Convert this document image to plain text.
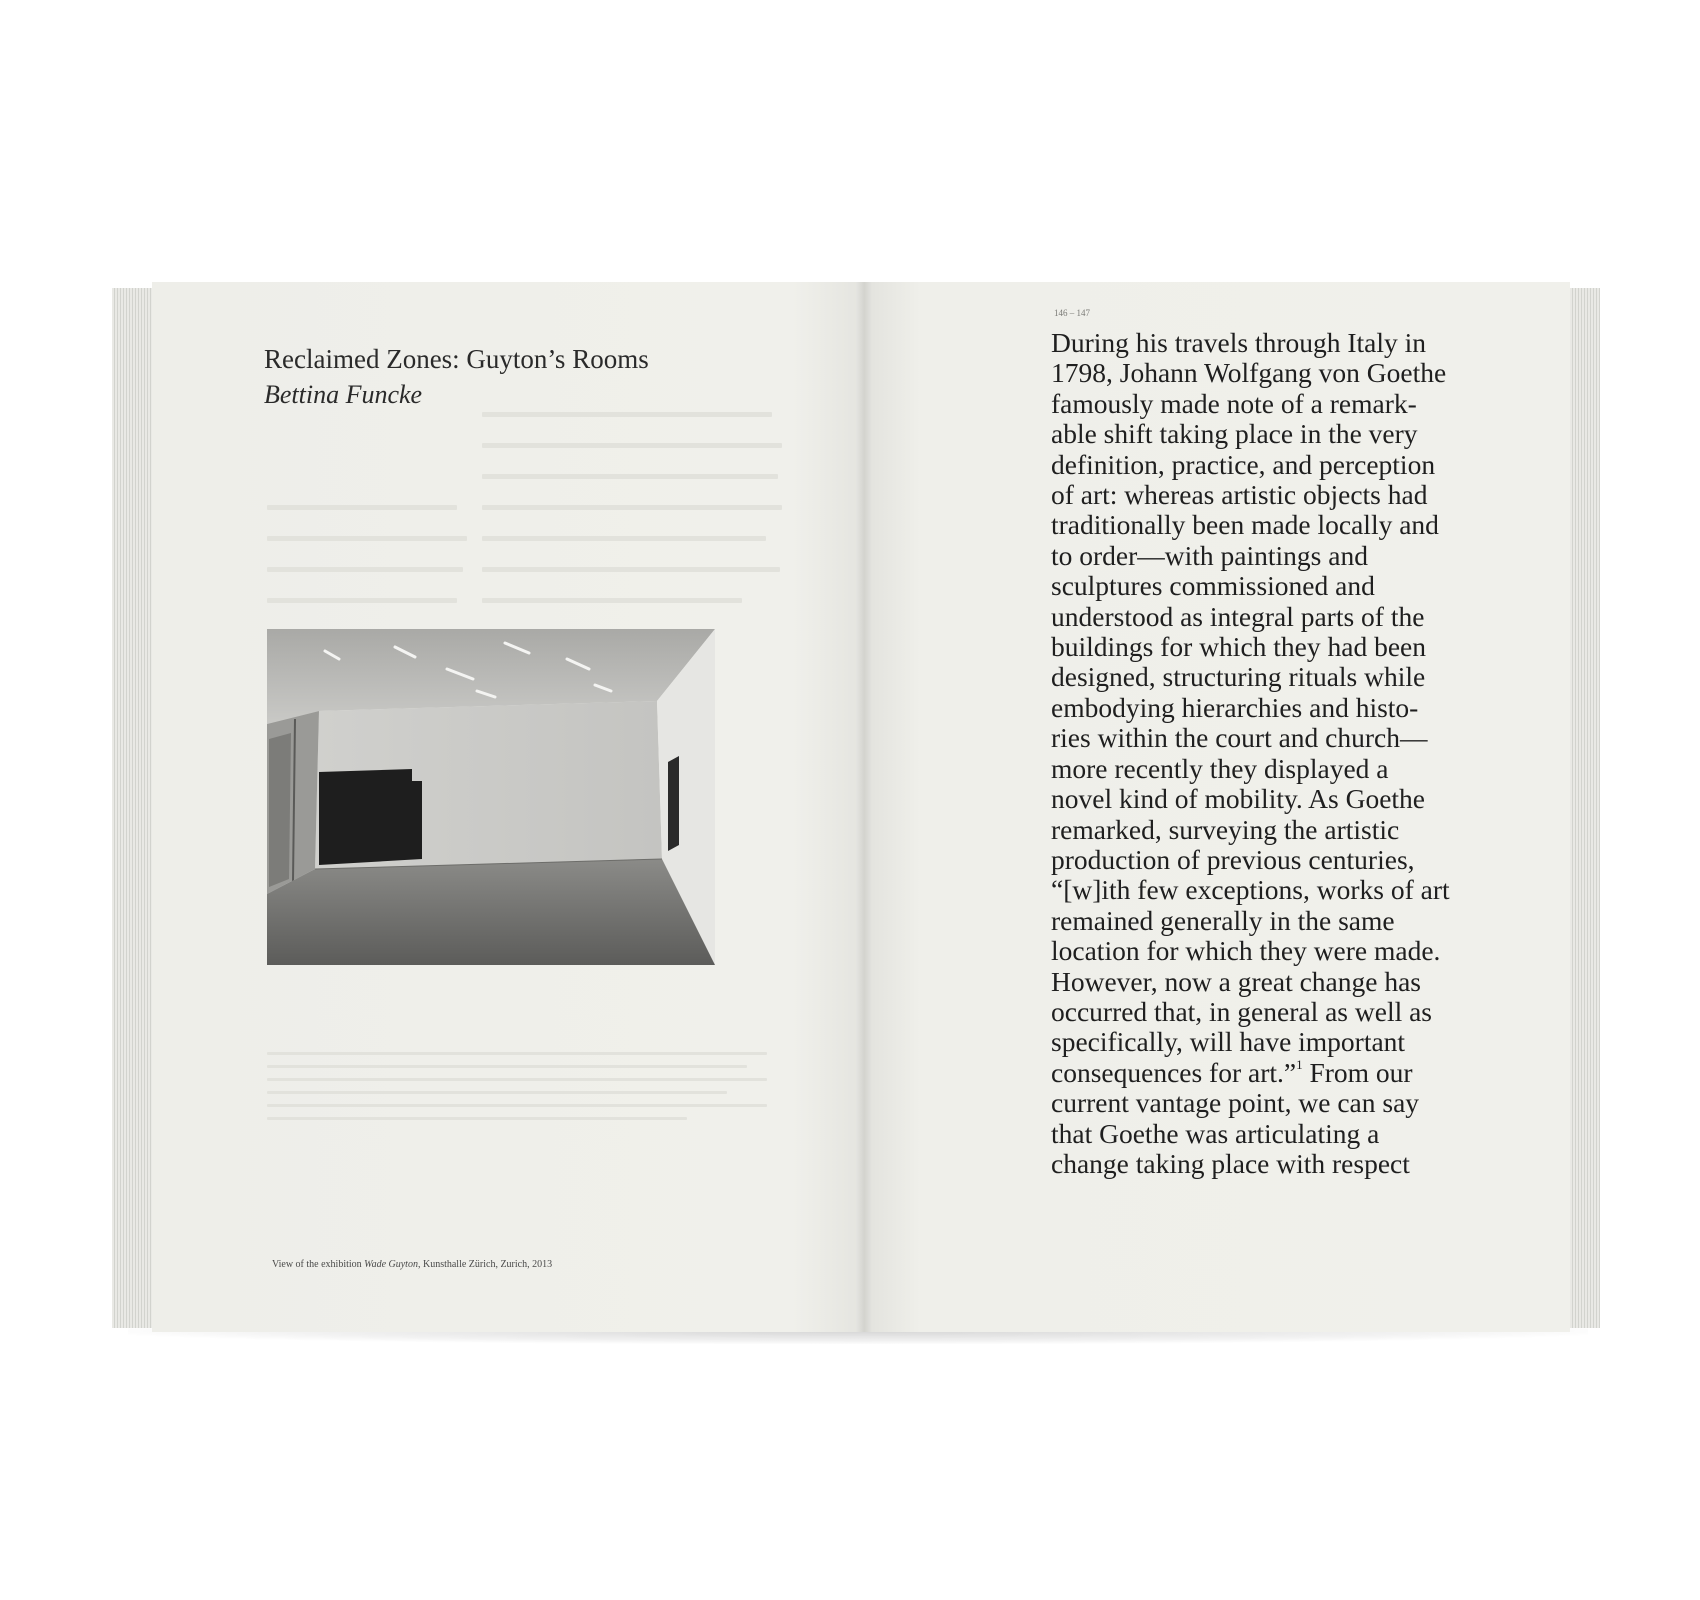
Reclaimed Zones: Guyton’s Rooms
Bettina Funcke
View of the exhibition Wade Guyton, Kunsthalle Zürich, Zurich, 2013
146 – 147
During his travels through Italy in
1798, Johann Wolfgang von Goethe
famously made note of a remark-
able shift taking place in the very
definition, practice, and perception
of art: whereas artistic objects had
traditionally been made locally and
to order—with paintings and
sculptures commissioned and
understood as integral parts of the
buildings for which they had been
designed, structuring rituals while
embodying hierarchies and histo-
ries within the court and church—
more recently they displayed a
novel kind of mobility. As Goethe
remarked, surveying the artistic
production of previous centuries,
“[w]ith few exceptions, works of art
remained generally in the same
location for which they were made.
However, now a great change has
occurred that, in general as well as
specifically, will have important
consequences for art.”$^1$ From our
current vantage point, we can say
that Goethe was articulating a
change taking place with respect
